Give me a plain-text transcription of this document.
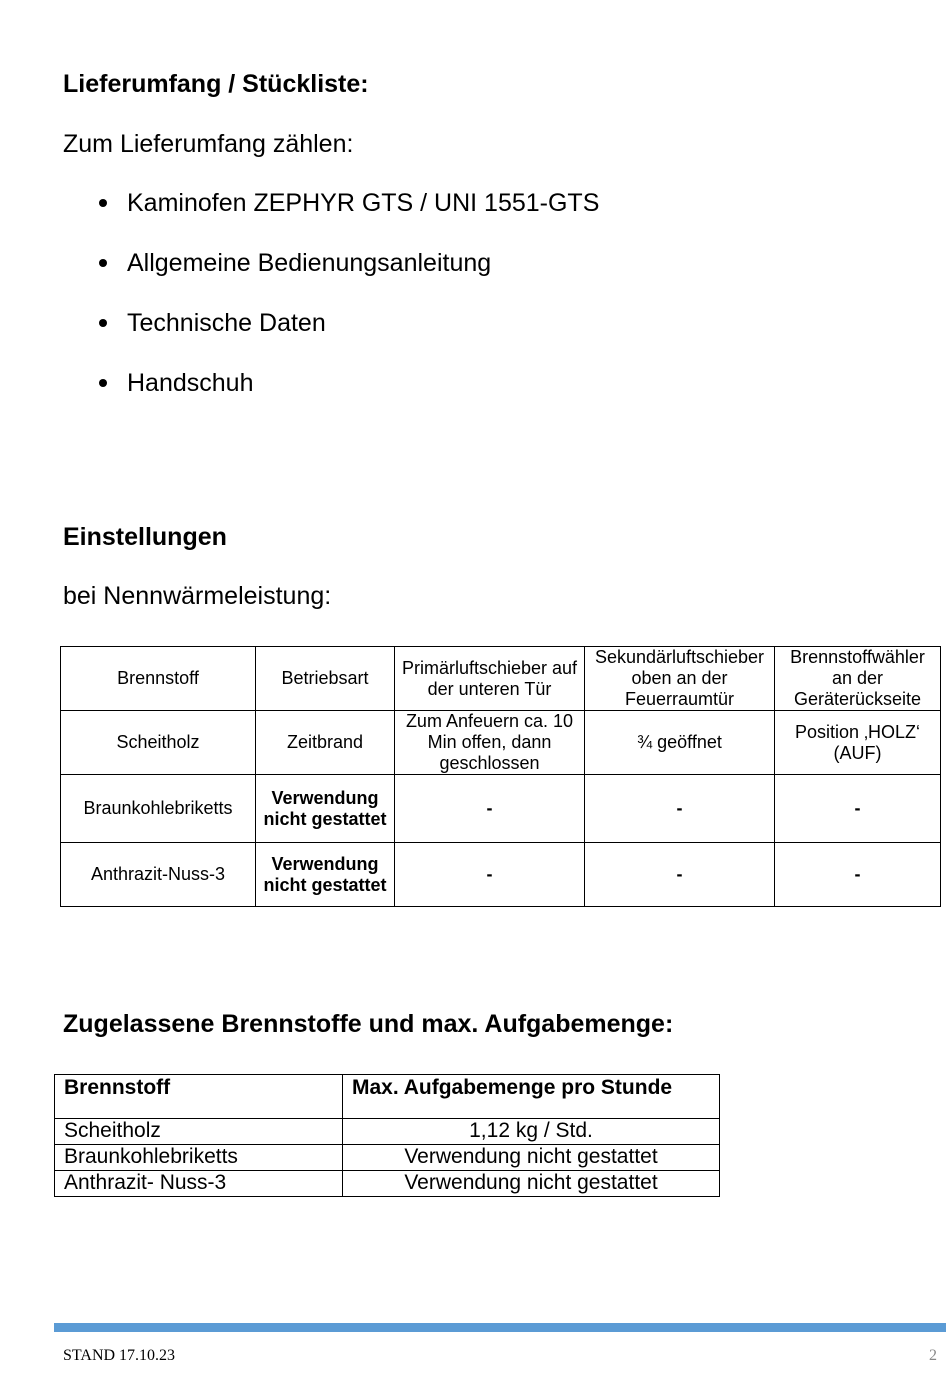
Lieferumfang / Stückliste:
Zum Lieferumfang zählen:
Kaminofen ZEPHYR GTS / UNI 1551-GTS
Allgemeine Bedienungsanleitung
Technische Daten
Handschuh
Einstellungen
bei Nennwärmeleistung:
Brennstoff	Betriebsart	Primärluftschieber auf der unteren Tür	Sekundärluftschieber oben an der Feuerraumtür	Brennstoffwähler an der Geräterückseite
Scheitholz	Zeitbrand	Zum Anfeuern ca. 10 Min offen, dann geschlossen	¾ geöffnet	Position ‚HOLZ‘ (AUF)
Braunkohlebriketts	Verwendung nicht gestattet	-	-	-
Anthrazit-Nuss-3	Verwendung nicht gestattet	-	-	-
Zugelassene Brennstoffe und max. Aufgabemenge:
Brennstoff	Max. Aufgabemenge pro Stunde
Scheitholz	1,12 kg / Std.
Braunkohlebriketts	Verwendung nicht gestattet
Anthrazit- Nuss-3	Verwendung nicht gestattet
STAND 17.10.23	2
